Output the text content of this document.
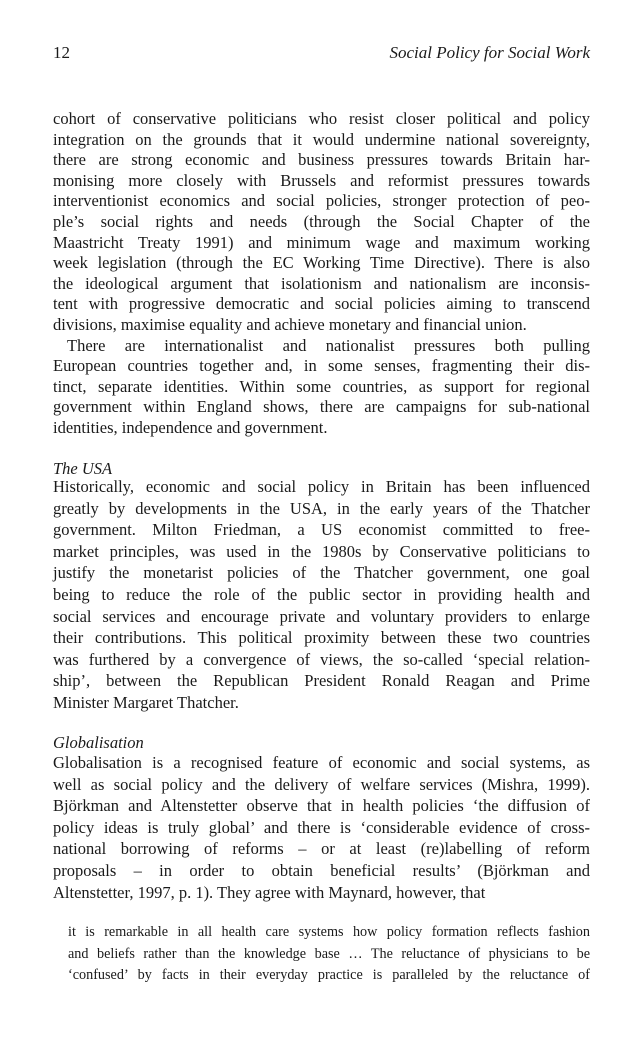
12	Social Policy for Social Work
cohort of conservative politicians who resist closer political and policy
integration on the grounds that it would undermine national sovereignty,
there are strong economic and business pressures towards Britain har-
monising more closely with Brussels and reformist pressures towards
interventionist economics and social policies, stronger protection of peo-
ple’s social rights and needs (through the Social Chapter of the
Maastricht Treaty 1991) and minimum wage and maximum working
week legislation (through the EC Working Time Directive). There is also
the ideological argument that isolationism and nationalism are inconsis-
tent with progressive democratic and social policies aiming to transcend
divisions, maximise equality and achieve monetary and financial union.
There are internationalist and nationalist pressures both pulling
European countries together and, in some senses, fragmenting their dis-
tinct, separate identities. Within some countries, as support for regional
government within England shows, there are campaigns for sub-national
identities, independence and government.
The USA
Historically, economic and social policy in Britain has been influenced
greatly by developments in the USA, in the early years of the Thatcher
government. Milton Friedman, a US economist committed to free-
market principles, was used in the 1980s by Conservative politicians to
justify the monetarist policies of the Thatcher government, one goal
being to reduce the role of the public sector in providing health and
social services and encourage private and voluntary providers to enlarge
their contributions. This political proximity between these two countries
was furthered by a convergence of views, the so-called ‘special relation-
ship’, between the Republican President Ronald Reagan and Prime
Minister Margaret Thatcher.
Globalisation
Globalisation is a recognised feature of economic and social systems, as
well as social policy and the delivery of welfare services (Mishra, 1999).
Björkman and Altenstetter observe that in health policies ‘the diffusion of
policy ideas is truly global’ and there is ‘considerable evidence of cross-
national borrowing of reforms – or at least (re)labelling of reform
proposals – in order to obtain beneficial results’ (Björkman and
Altenstetter, 1997, p. 1). They agree with Maynard, however, that
it is remarkable in all health care systems how policy formation reflects fashion
and beliefs rather than the knowledge base … The reluctance of physicians to be
‘confused’ by facts in their everyday practice is paralleled by the reluctance of
